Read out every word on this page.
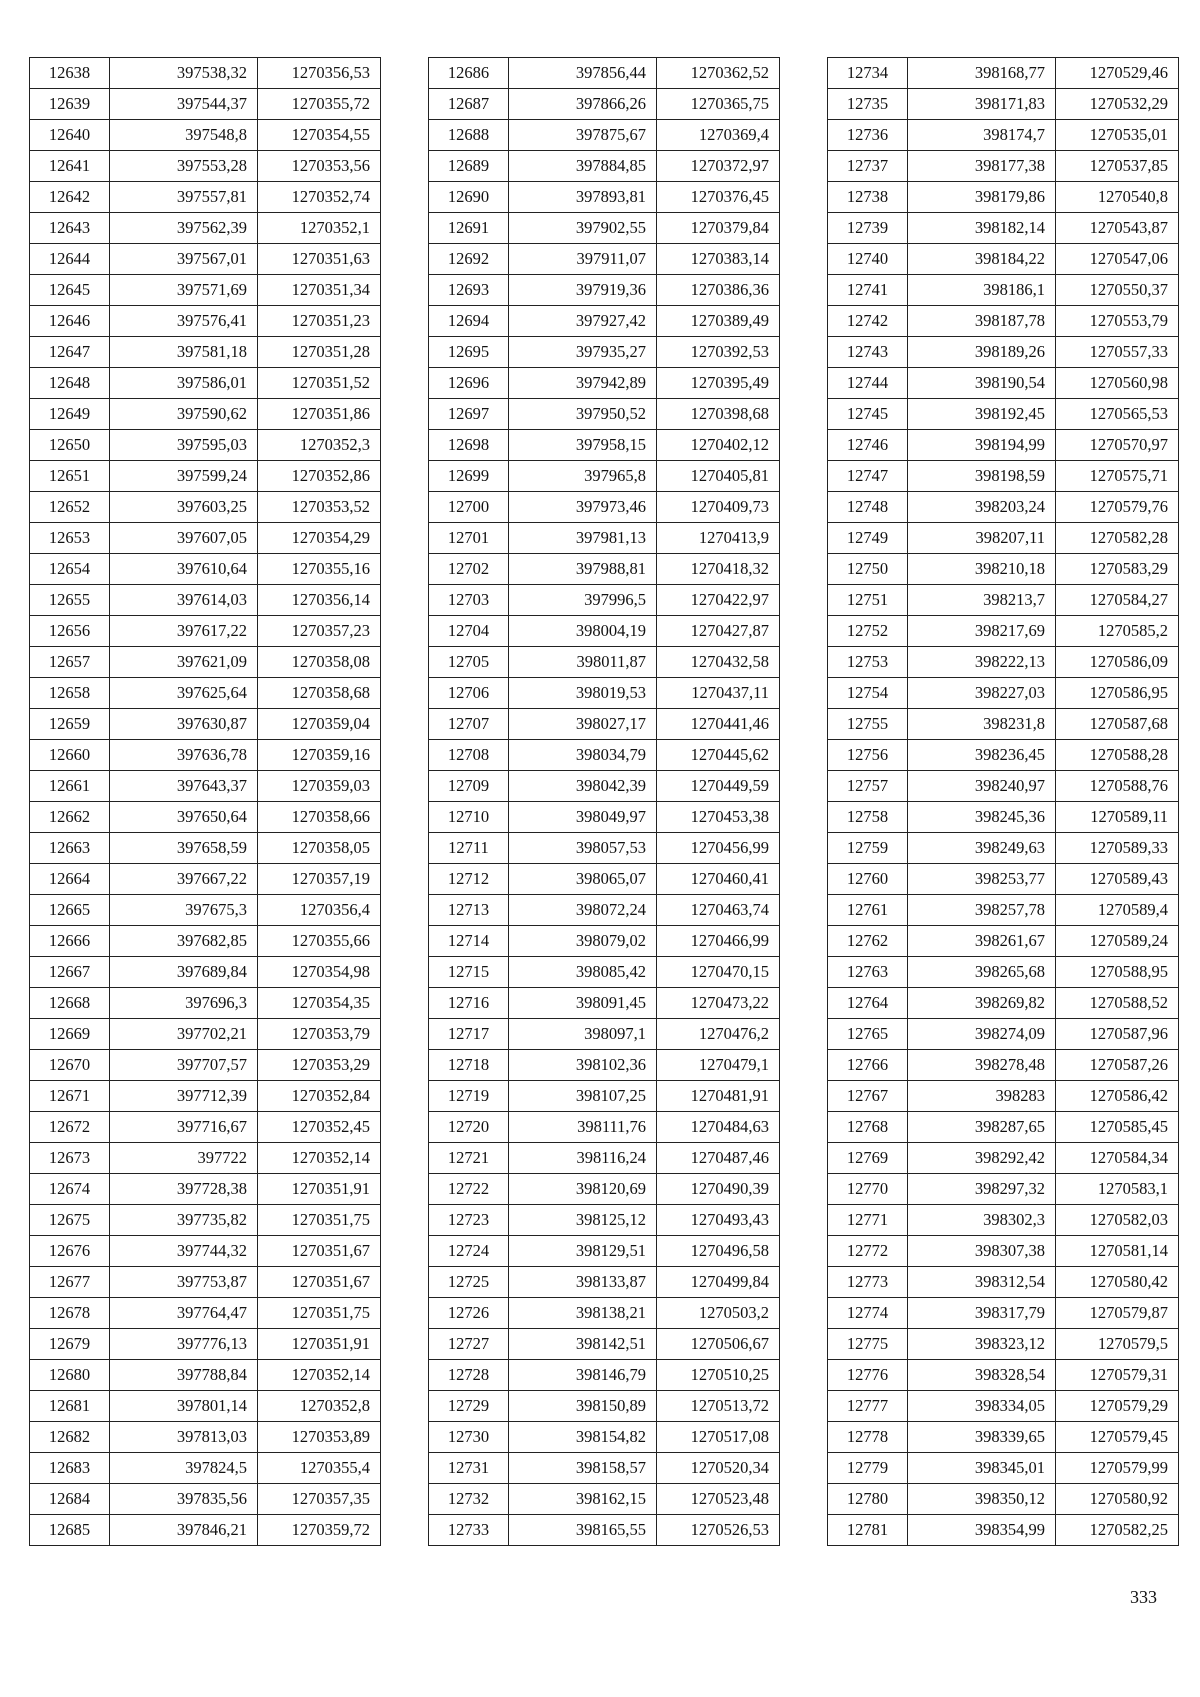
12638	397538,32	1270356,53
12639	397544,37	1270355,72
12640	397548,8	1270354,55
12641	397553,28	1270353,56
12642	397557,81	1270352,74
12643	397562,39	1270352,1
12644	397567,01	1270351,63
12645	397571,69	1270351,34
12646	397576,41	1270351,23
12647	397581,18	1270351,28
12648	397586,01	1270351,52
12649	397590,62	1270351,86
12650	397595,03	1270352,3
12651	397599,24	1270352,86
12652	397603,25	1270353,52
12653	397607,05	1270354,29
12654	397610,64	1270355,16
12655	397614,03	1270356,14
12656	397617,22	1270357,23
12657	397621,09	1270358,08
12658	397625,64	1270358,68
12659	397630,87	1270359,04
12660	397636,78	1270359,16
12661	397643,37	1270359,03
12662	397650,64	1270358,66
12663	397658,59	1270358,05
12664	397667,22	1270357,19
12665	397675,3	1270356,4
12666	397682,85	1270355,66
12667	397689,84	1270354,98
12668	397696,3	1270354,35
12669	397702,21	1270353,79
12670	397707,57	1270353,29
12671	397712,39	1270352,84
12672	397716,67	1270352,45
12673	397722	1270352,14
12674	397728,38	1270351,91
12675	397735,82	1270351,75
12676	397744,32	1270351,67
12677	397753,87	1270351,67
12678	397764,47	1270351,75
12679	397776,13	1270351,91
12680	397788,84	1270352,14
12681	397801,14	1270352,8
12682	397813,03	1270353,89
12683	397824,5	1270355,4
12684	397835,56	1270357,35
12685	397846,21	1270359,72
12686	397856,44	1270362,52
12687	397866,26	1270365,75
12688	397875,67	1270369,4
12689	397884,85	1270372,97
12690	397893,81	1270376,45
12691	397902,55	1270379,84
12692	397911,07	1270383,14
12693	397919,36	1270386,36
12694	397927,42	1270389,49
12695	397935,27	1270392,53
12696	397942,89	1270395,49
12697	397950,52	1270398,68
12698	397958,15	1270402,12
12699	397965,8	1270405,81
12700	397973,46	1270409,73
12701	397981,13	1270413,9
12702	397988,81	1270418,32
12703	397996,5	1270422,97
12704	398004,19	1270427,87
12705	398011,87	1270432,58
12706	398019,53	1270437,11
12707	398027,17	1270441,46
12708	398034,79	1270445,62
12709	398042,39	1270449,59
12710	398049,97	1270453,38
12711	398057,53	1270456,99
12712	398065,07	1270460,41
12713	398072,24	1270463,74
12714	398079,02	1270466,99
12715	398085,42	1270470,15
12716	398091,45	1270473,22
12717	398097,1	1270476,2
12718	398102,36	1270479,1
12719	398107,25	1270481,91
12720	398111,76	1270484,63
12721	398116,24	1270487,46
12722	398120,69	1270490,39
12723	398125,12	1270493,43
12724	398129,51	1270496,58
12725	398133,87	1270499,84
12726	398138,21	1270503,2
12727	398142,51	1270506,67
12728	398146,79	1270510,25
12729	398150,89	1270513,72
12730	398154,82	1270517,08
12731	398158,57	1270520,34
12732	398162,15	1270523,48
12733	398165,55	1270526,53
12734	398168,77	1270529,46
12735	398171,83	1270532,29
12736	398174,7	1270535,01
12737	398177,38	1270537,85
12738	398179,86	1270540,8
12739	398182,14	1270543,87
12740	398184,22	1270547,06
12741	398186,1	1270550,37
12742	398187,78	1270553,79
12743	398189,26	1270557,33
12744	398190,54	1270560,98
12745	398192,45	1270565,53
12746	398194,99	1270570,97
12747	398198,59	1270575,71
12748	398203,24	1270579,76
12749	398207,11	1270582,28
12750	398210,18	1270583,29
12751	398213,7	1270584,27
12752	398217,69	1270585,2
12753	398222,13	1270586,09
12754	398227,03	1270586,95
12755	398231,8	1270587,68
12756	398236,45	1270588,28
12757	398240,97	1270588,76
12758	398245,36	1270589,11
12759	398249,63	1270589,33
12760	398253,77	1270589,43
12761	398257,78	1270589,4
12762	398261,67	1270589,24
12763	398265,68	1270588,95
12764	398269,82	1270588,52
12765	398274,09	1270587,96
12766	398278,48	1270587,26
12767	398283	1270586,42
12768	398287,65	1270585,45
12769	398292,42	1270584,34
12770	398297,32	1270583,1
12771	398302,3	1270582,03
12772	398307,38	1270581,14
12773	398312,54	1270580,42
12774	398317,79	1270579,87
12775	398323,12	1270579,5
12776	398328,54	1270579,31
12777	398334,05	1270579,29
12778	398339,65	1270579,45
12779	398345,01	1270579,99
12780	398350,12	1270580,92
12781	398354,99	1270582,25
333
